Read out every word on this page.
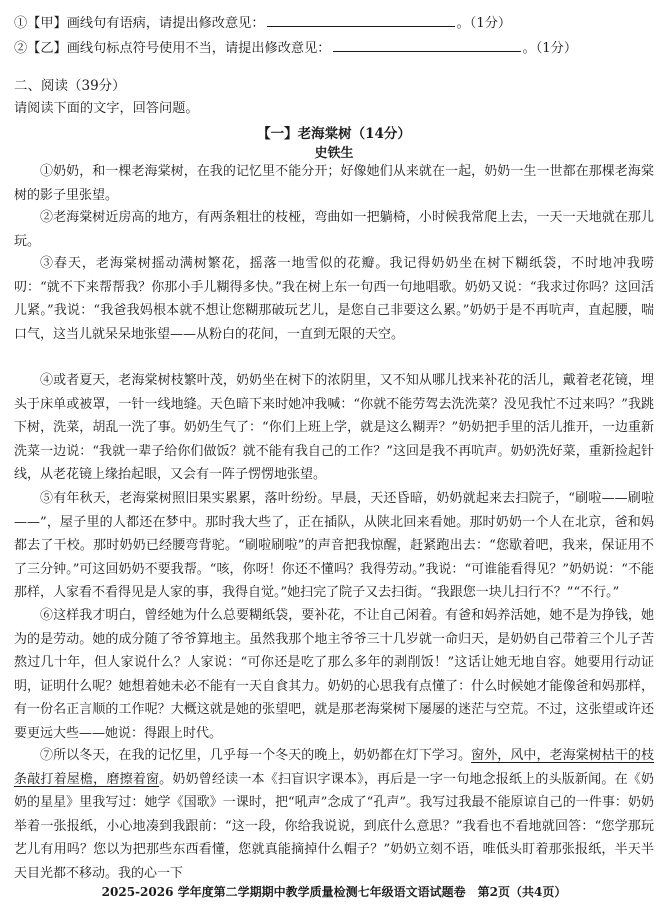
①【甲】画线句有语病，请提出修改意见：	。（1分）
②【乙】画线句标点符号使用不当，请提出修改意见：	。（1分）
二、阅读（39分）
请阅读下面的文字，回答问题。
【一】老海棠树（14分）
史铁生

①奶奶，和一棵老海棠树，在我的记忆里不能分开；好像她们从来就在一起，奶奶一生一世都在那棵老海棠树的影子里张望。

②老海棠树近房高的地方，有两条粗壮的枝桠，弯曲如一把躺椅，小时候我常爬上去，一天一天地就在那儿玩。

③春天，老海棠树摇动满树繁花，摇落一地雪似的花瓣。我记得奶奶坐在树下糊纸袋，不时地冲我唠叨：“就不下来帮帮我？你那小手儿糊得多快。”我在树上东一句西一句地唱歌。奶奶又说：“我求过你吗？这回活儿紧。”我说：“我爸我妈根本就不想让您糊那破玩艺儿，是您自己非要这么累。”奶奶于是不再吭声，直起腰，喘口气，这当儿就呆呆地张望——从粉白的花间，一直到无限的天空。

④或者夏天，老海棠树枝繁叶茂，奶奶坐在树下的浓阴里，又不知从哪儿找来补花的活儿，戴着老花镜，埋头于床单或被罩，一针一线地缝。天色暗下来时她冲我喊：“你就不能劳驾去洗洗菜？没见我忙不过来吗？”我跳下树，洗菜，胡乱一洗了事。奶奶生气了：“你们上班上学，就是这么糊弄？”奶奶把手里的活儿推开，一边重新洗菜一边说：“我就一辈子给你们做饭？就不能有我自己的工作？”这回是我不再吭声。奶奶洗好菜，重新捡起针线，从老花镜上缘抬起眼，又会有一阵子愣愣地张望。

⑤有年秋天，老海棠树照旧果实累累，落叶纷纷。早晨，天还昏暗，奶奶就起来去扫院子，“刷啦——刷啦——”，屋子里的人都还在梦中。那时我大些了，正在插队，从陕北回来看她。那时奶奶一个人在北京，爸和妈都去了干校。那时奶奶已经腰弯背驼。“刷啦刷啦”的声音把我惊醒，赶紧跑出去：“您歇着吧，我来，保证用不了三分钟。”可这回奶奶不要我帮。“咳，你呀！你还不懂吗？我得劳动。”我说：“可谁能看得见？”奶奶说：“不能那样，人家看不看得见是人家的事，我得自觉。”她扫完了院子又去扫街。“我跟您一块儿扫行不？”“不行。”

⑥这样我才明白，曾经她为什么总要糊纸袋，要补花，不让自己闲着。有爸和妈养活她，她不是为挣钱，她为的是劳动。她的成分随了爷爷算地主。虽然我那个地主爷爷三十几岁就一命归天，是奶奶自己带着三个儿子苦熬过几十年，但人家说什么？人家说：“可你还是吃了那么多年的剥削饭！”这话让她无地自容。她要用行动证明，证明什么呢？她想着她未必不能有一天自食其力。奶奶的心思我有点懂了：什么时候她才能像爸和妈那样，有一份名正言顺的工作呢？大概这就是她的张望吧，就是那老海棠树下屡屡的迷茫与空荒。不过，这张望或许还要更远大些——她说：得跟上时代。

⑦所以冬天，在我的记忆里，几乎每一个冬天的晚上，奶奶都在灯下学习。窗外，风中，老海棠树枯干的枝条敲打着屋檐，磨擦着窗。奶奶曾经读一本《扫盲识字课本》，再后是一字一句地念报纸上的头版新闻。在《奶奶的星星》里我写过：她学《国歌》一课时，把“吼声”念成了“孔声”。我写过我最不能原谅自己的一件事：奶奶举着一张报纸，小心地凑到我跟前：“这一段，你给我说说，到底什么意思？”我看也不看地就回答：“您学那玩艺儿有用吗？您以为把那些东西看懂，您就真能摘掉什么帽子？”奶奶立刻不语，唯低头盯着那张报纸，半天半天目光都不移动。我的心一下

2025-2026 学年度第二学期期中教学质量检测七年级语文语试题卷　第2页（共4页）
